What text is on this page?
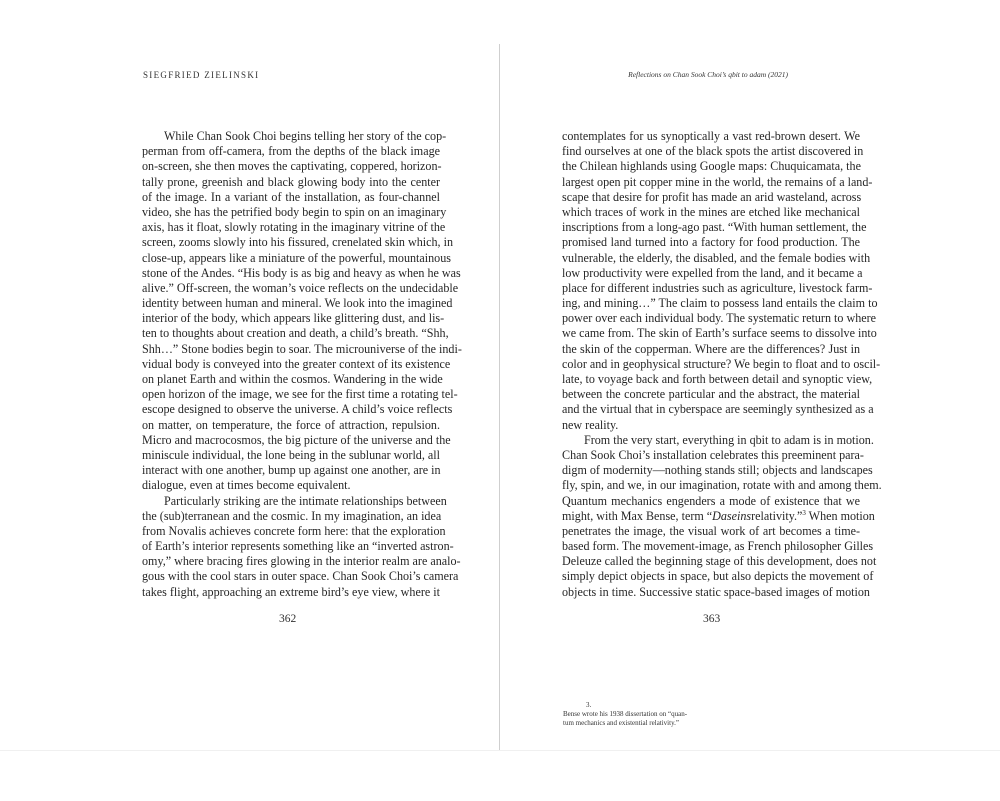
SIEGFRIED ZIELINSKI
While Chan Sook Choi begins telling her story of the cop-
perman from off-camera, from the depths of the black image
on-screen, she then moves the captivating, coppered, horizon-
tally prone, greenish and black glowing body into the center
of the image. In a variant of the installation, as four-channel
video, she has the petrified body begin to spin on an imaginary
axis, has it float, slowly rotating in the imaginary vitrine of the
screen, zooms slowly into his fissured, crenelated skin which, in
close-up, appears like a miniature of the powerful, mountainous
stone of the Andes. “His body is as big and heavy as when he was
alive.” Off-screen, the woman’s voice reflects on the undecidable
identity between human and mineral. We look into the imagined
interior of the body, which appears like glittering dust, and lis-
ten to thoughts about creation and death, a child’s breath. “Shh,
Shh…” Stone bodies begin to soar. The microuniverse of the indi-
vidual body is conveyed into the greater context of its existence
on planet Earth and within the cosmos. Wandering in the wide
open horizon of the image, we see for the first time a rotating tel-
escope designed to observe the universe. A child’s voice reflects
on matter, on temperature, the force of attraction, repulsion.
Micro and macrocosmos, the big picture of the universe and the
miniscule individual, the lone being in the sublunar world, all
interact with one another, bump up against one another, are in
dialogue, even at times become equivalent.
Particularly striking are the intimate relationships between
the (sub)terranean and the cosmic. In my imagination, an idea
from Novalis achieves concrete form here: that the exploration
of Earth’s interior represents something like an “inverted astron-
omy,” where bracing fires glowing in the interior realm are analo-
gous with the cool stars in outer space. Chan Sook Choi’s camera
takes flight, approaching an extreme bird’s eye view, where it
362
Reflections on Chan Sook Choi’s qbit to adam (2021)
contemplates for us synoptically a vast red-brown desert. We
find ourselves at one of the black spots the artist discovered in
the Chilean highlands using Google maps: Chuquicamata, the
largest open pit copper mine in the world, the remains of a land-
scape that desire for profit has made an arid wasteland, across
which traces of work in the mines are etched like mechanical
inscriptions from a long-ago past. “With human settlement, the
promised land turned into a factory for food production. The
vulnerable, the elderly, the disabled, and the female bodies with
low productivity were expelled from the land, and it became a
place for different industries such as agriculture, livestock farm-
ing, and mining…” The claim to possess land entails the claim to
power over each individual body. The systematic return to where
we came from. The skin of Earth’s surface seems to dissolve into
the skin of the copperman. Where are the differences? Just in
color and in geophysical structure? We begin to float and to oscil-
late, to voyage back and forth between detail and synoptic view,
between the concrete particular and the abstract, the material
and the virtual that in cyberspace are seemingly synthesized as a
new reality.
From the very start, everything in qbit to adam is in motion.
Chan Sook Choi’s installation celebrates this preeminent para-
digm of modernity—nothing stands still; objects and landscapes
fly, spin, and we, in our imagination, rotate with and among them.
Quantum mechanics engenders a mode of existence that we
might, with Max Bense, term “Daseinsrelativity.”$^3$ When motion
penetrates the image, the visual work of art becomes a time-
based form. The movement-image, as French philosopher Gilles
Deleuze called the beginning stage of this development, does not
simply depict objects in space, but also depicts the movement of
objects in time. Successive static space-based images of motion
363
3.
Bense wrote his 1938 dissertation on “quan-
tum mechanics and existential relativity.”
